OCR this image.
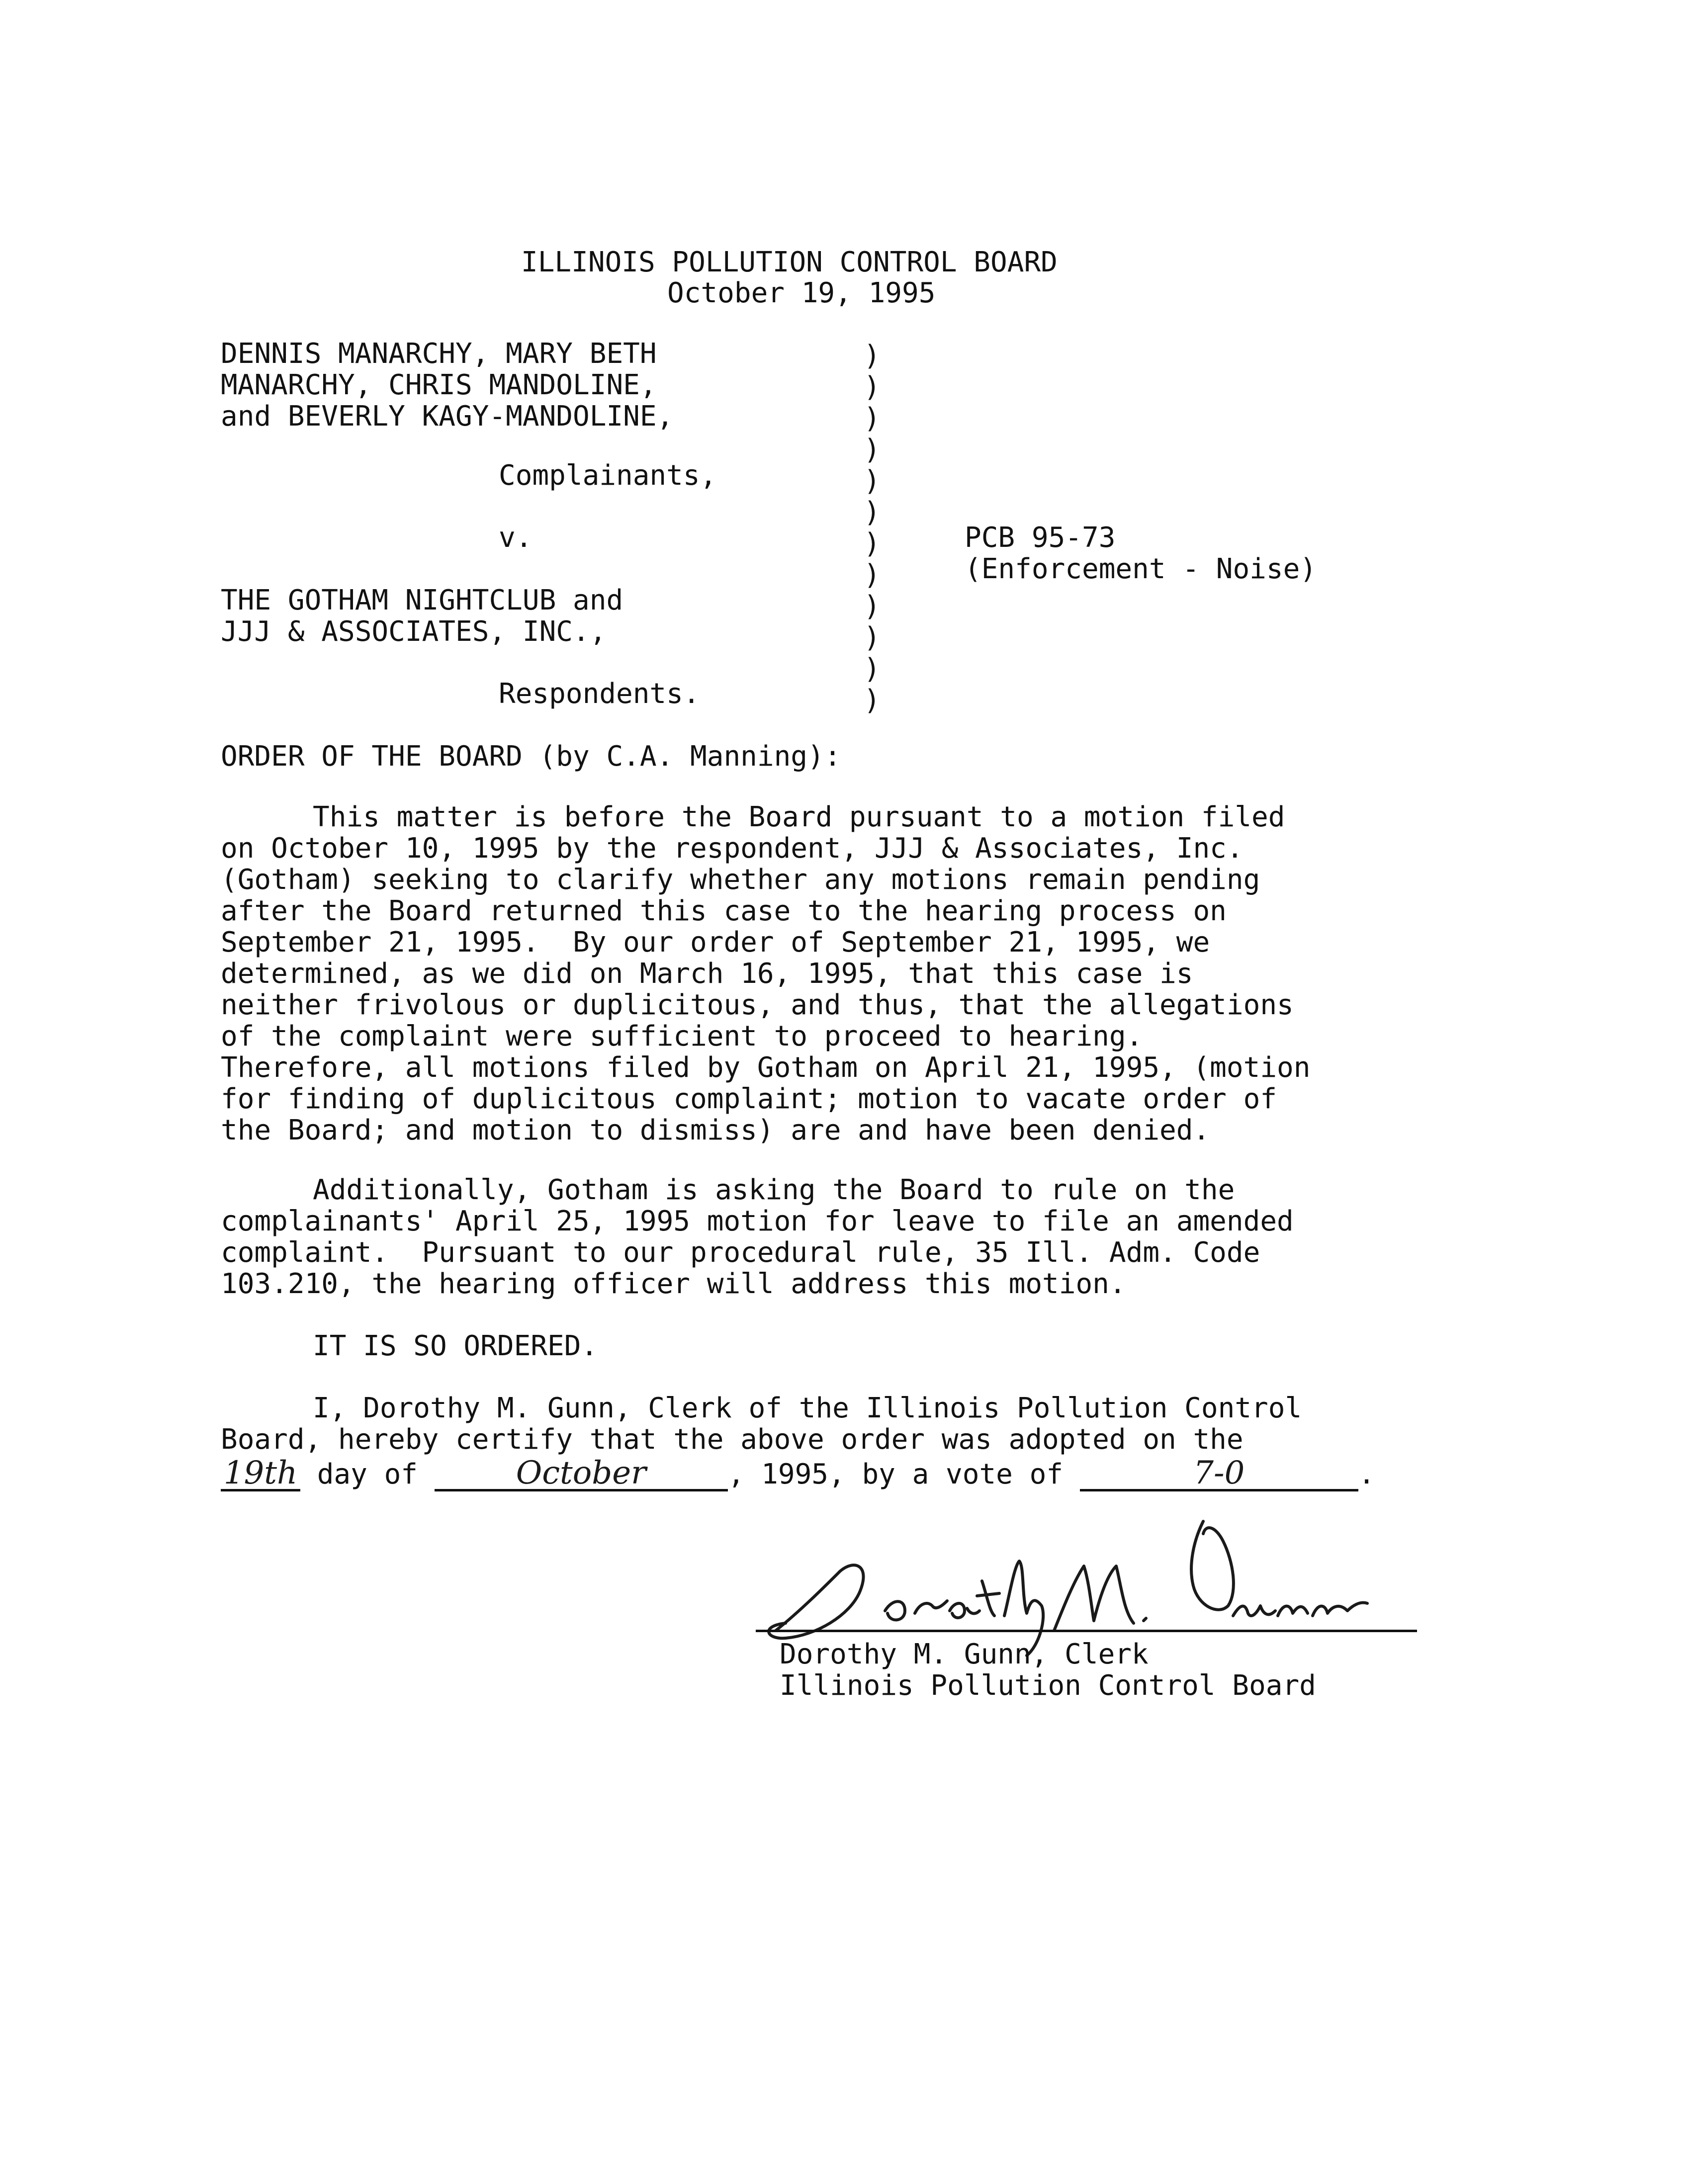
ILLINOIS POLLUTION CONTROL BOARD
October 19, 1995
DENNIS MANARCHY, MARY BETH
MANARCHY, CHRIS MANDOLINE,
and BEVERLY KAGY-MANDOLINE,
Complainants,
v.
THE GOTHAM NIGHTCLUB and
JJJ & ASSOCIATES, INC.,
Respondents.
)
)
)
)
)
)
)
)
)
)
)
)
PCB 95-73
(Enforcement - Noise)
ORDER OF THE BOARD (by C.A. Manning):
This matter is before the Board pursuant to a motion filed
on October 10, 1995 by the respondent, JJJ & Associates, Inc.
(Gotham) seeking to clarify whether any motions remain pending
after the Board returned this case to the hearing process on
September 21, 1995.  By our order of September 21, 1995, we
determined, as we did on March 16, 1995, that this case is
neither frivolous or duplicitous, and thus, that the allegations
of the complaint were sufficient to proceed to hearing.
Therefore, all motions filed by Gotham on April 21, 1995, (motion
for finding of duplicitous complaint; motion to vacate order of
the Board; and motion to dismiss) are and have been denied.
Additionally, Gotham is asking the Board to rule on the
complainants' April 25, 1995 motion for leave to file an amended
complaint.  Pursuant to our procedural rule, 35 Ill. Adm. Code
103.210, the hearing officer will address this motion.
IT IS SO ORDERED.
I, Dorothy M. Gunn, Clerk of the Illinois Pollution Control
Board, hereby certify that the above order was adopted on the
19th day of	October	, 1995, by a vote of	7-0	.
Dorothy M. Gunn, Clerk
Illinois Pollution Control Board
